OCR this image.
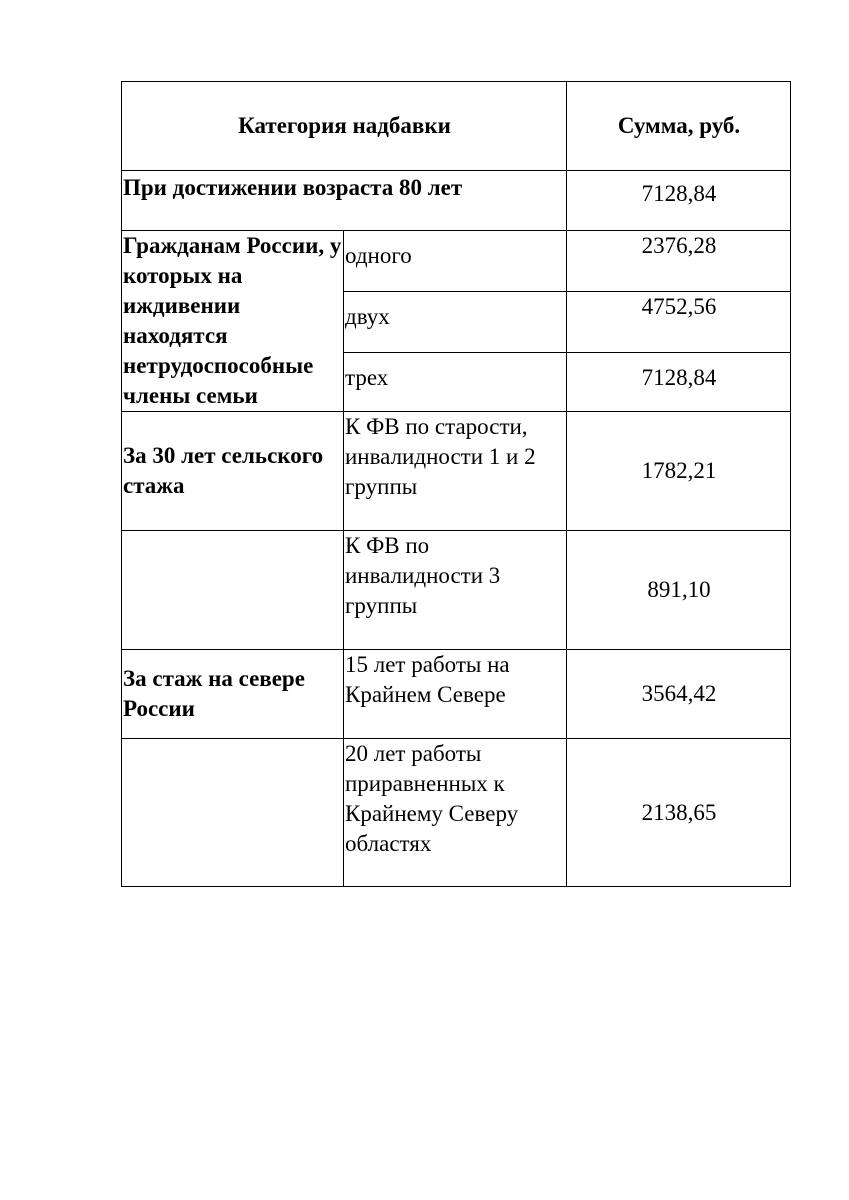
Категория надбавки		Сумма, руб.
При достижении возраста 80 лет		7128,84
Гражданам России, у которых на иждивении находятся нетрудоспособные члены семьи	одного	2376,28
	двух	4752,56
	трех	7128,84
За 30 лет сельского стажа	К ФВ по старости, инвалидности 1 и 2 группы	1782,21
	К ФВ по инвалидности 3 группы	891,10
За стаж на севере России	15 лет работы на Крайнем Севере	3564,42
	20 лет работы приравненных к Крайнему Северу областях	2138,65
